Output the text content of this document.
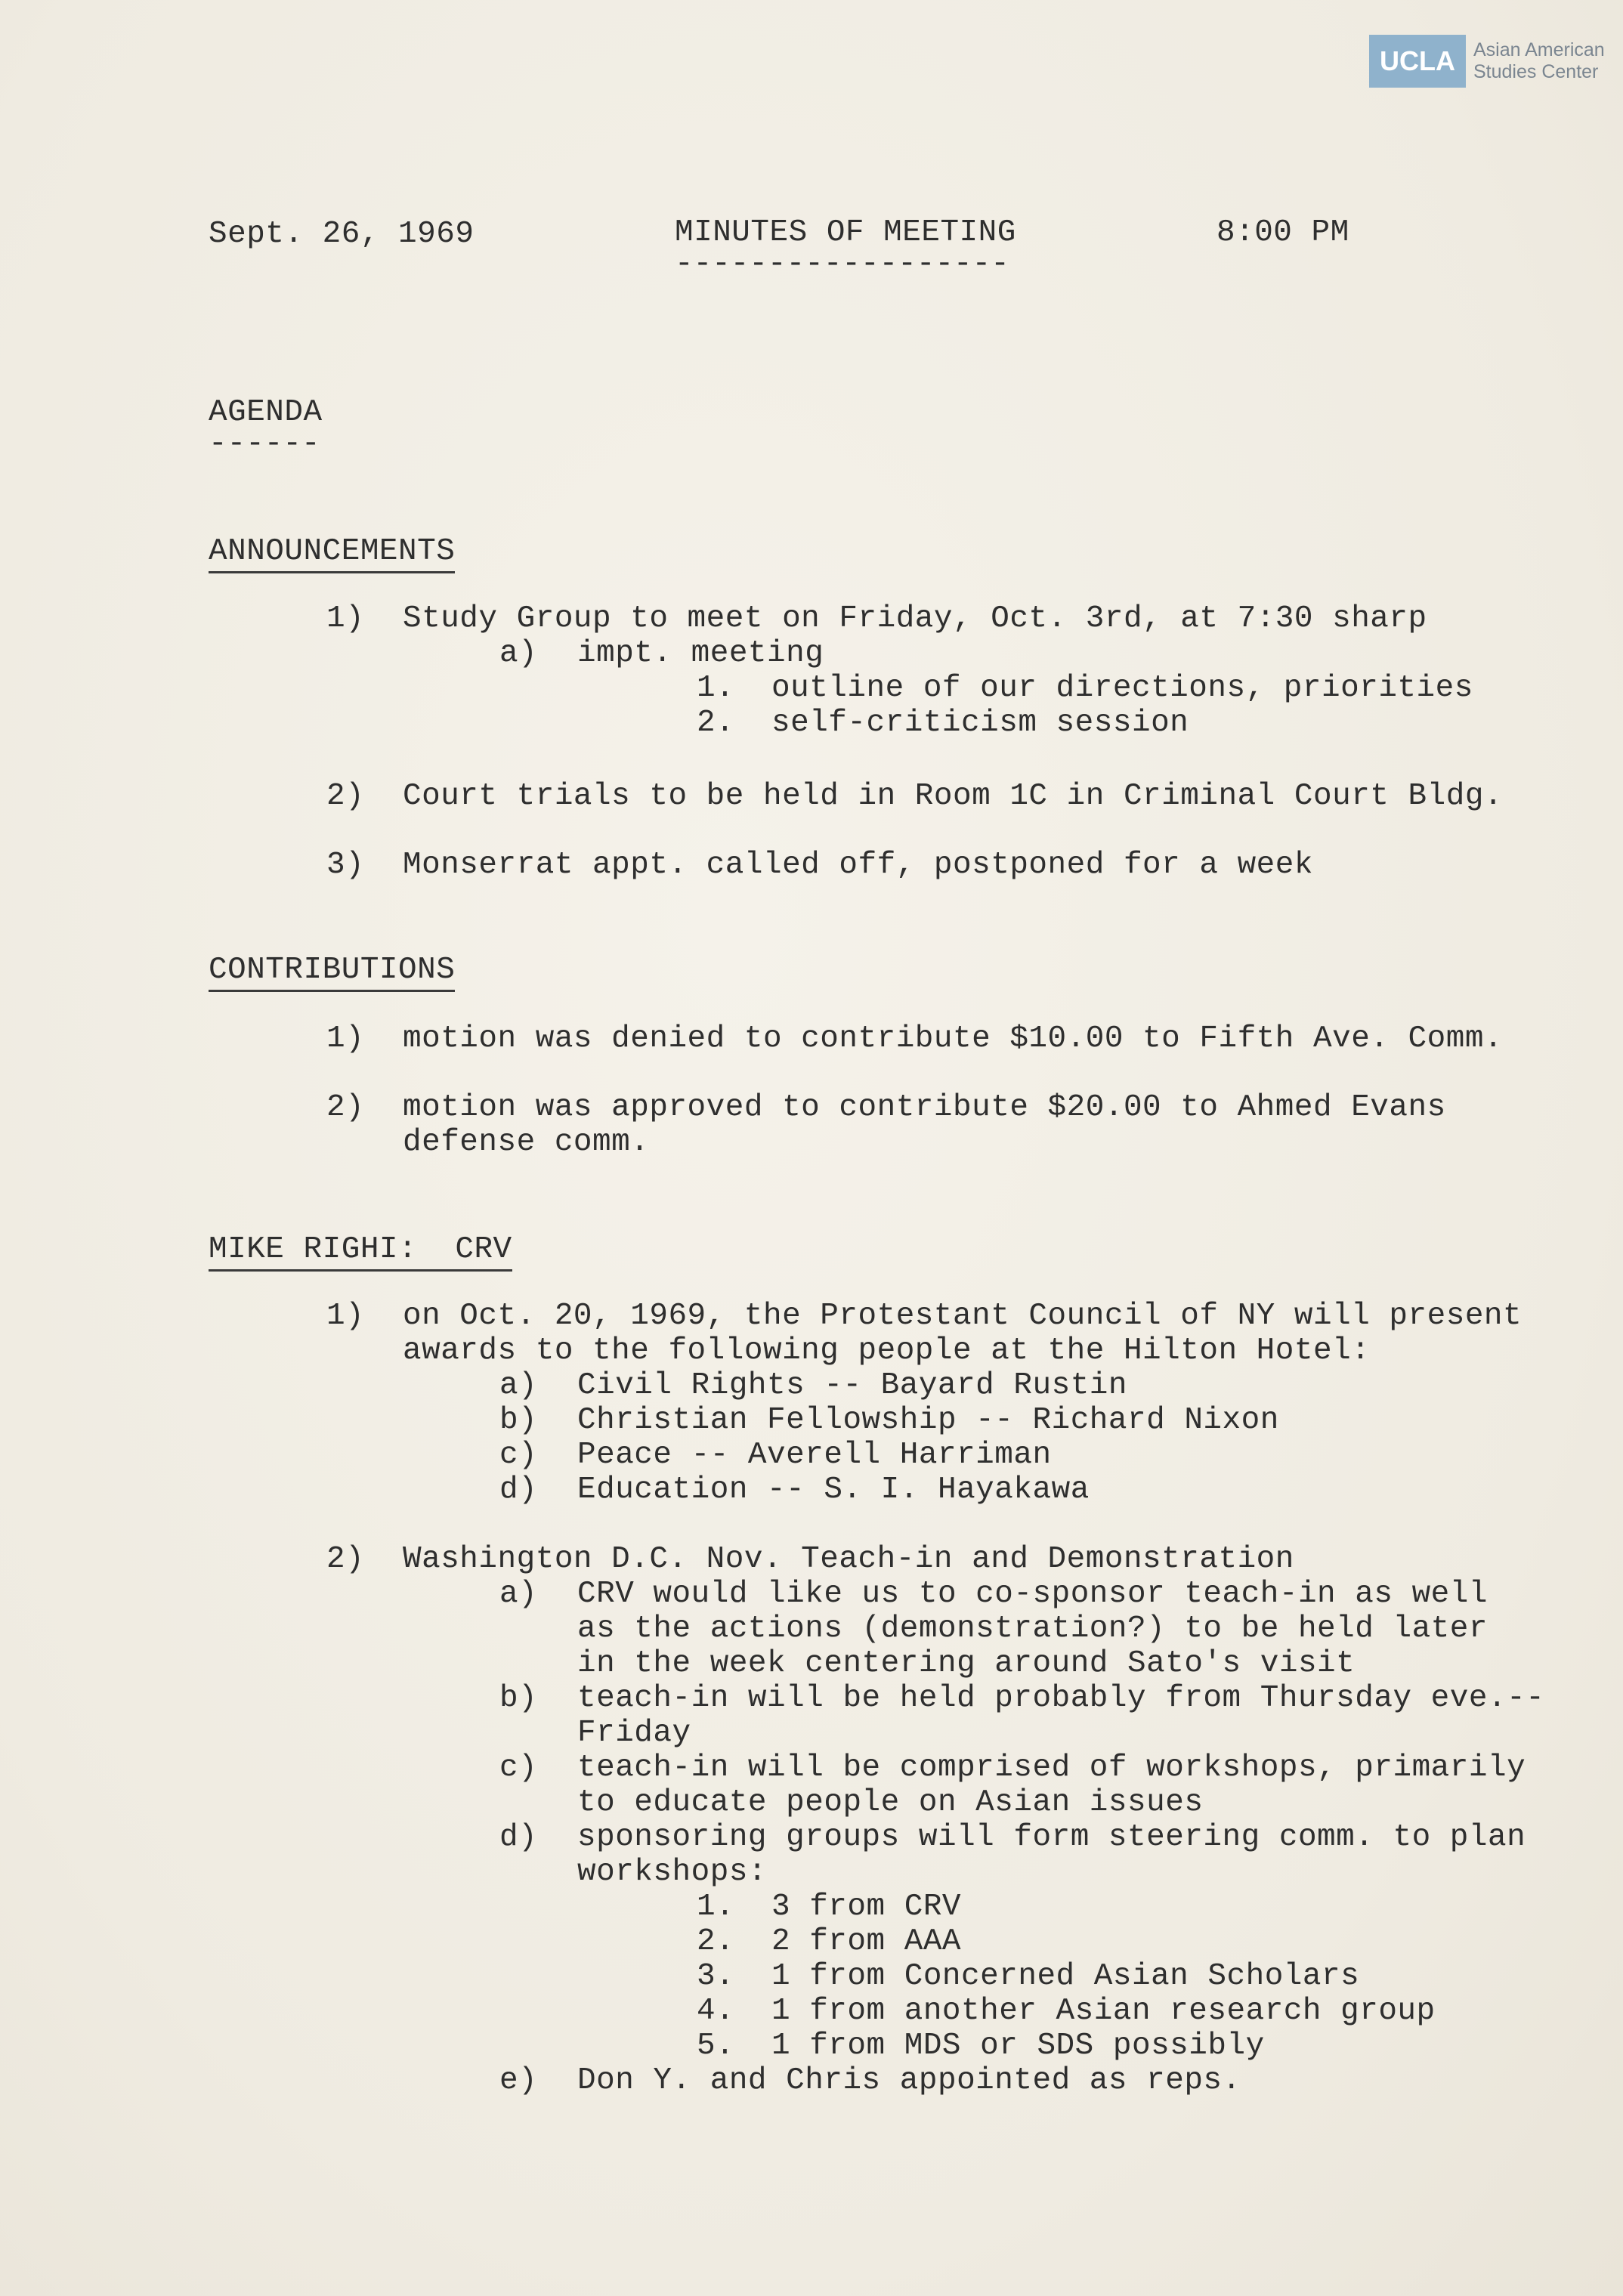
UCLA Asian American
Studies Center
Sept. 26, 1969	MINUTES OF MEETING
------------------
8:00 PM
AGENDA
------
ANNOUNCEMENTS
1) Study Group to meet on Friday, Oct. 3rd, at 7:30 sharp
a) impt. meeting
1. outline of our directions, priorities
2. self-criticism session
2) Court trials to be held in Room 1C in Criminal Court Bldg.
3) Monserrat appt. called off, postponed for a week
CONTRIBUTIONS
1) motion was denied to contribute $10.00 to Fifth Ave. Comm.
2) motion was approved to contribute $20.00 to Ahmed Evans
defense comm.
MIKE RIGHI:  CRV
1) on Oct. 20, 1969, the Protestant Council of NY will present
awards to the following people at the Hilton Hotel:
a) Civil Rights -- Bayard Rustin
b) Christian Fellowship -- Richard Nixon
c) Peace -- Averell Harriman
d) Education -- S. I. Hayakawa
2) Washington D.C. Nov. Teach-in and Demonstration
a) CRV would like us to co-sponsor teach-in as well
as the actions (demonstration?) to be held later
in the week centering around Sato's visit
b) teach-in will be held probably from Thursday eve.--
Friday
c) teach-in will be comprised of workshops, primarily
to educate people on Asian issues
d) sponsoring groups will form steering comm. to plan
workshops:
1. 3 from CRV
2. 2 from AAA
3. 1 from Concerned Asian Scholars
4. 1 from another Asian research group
5. 1 from MDS or SDS possibly
e) Don Y. and Chris appointed as reps.
